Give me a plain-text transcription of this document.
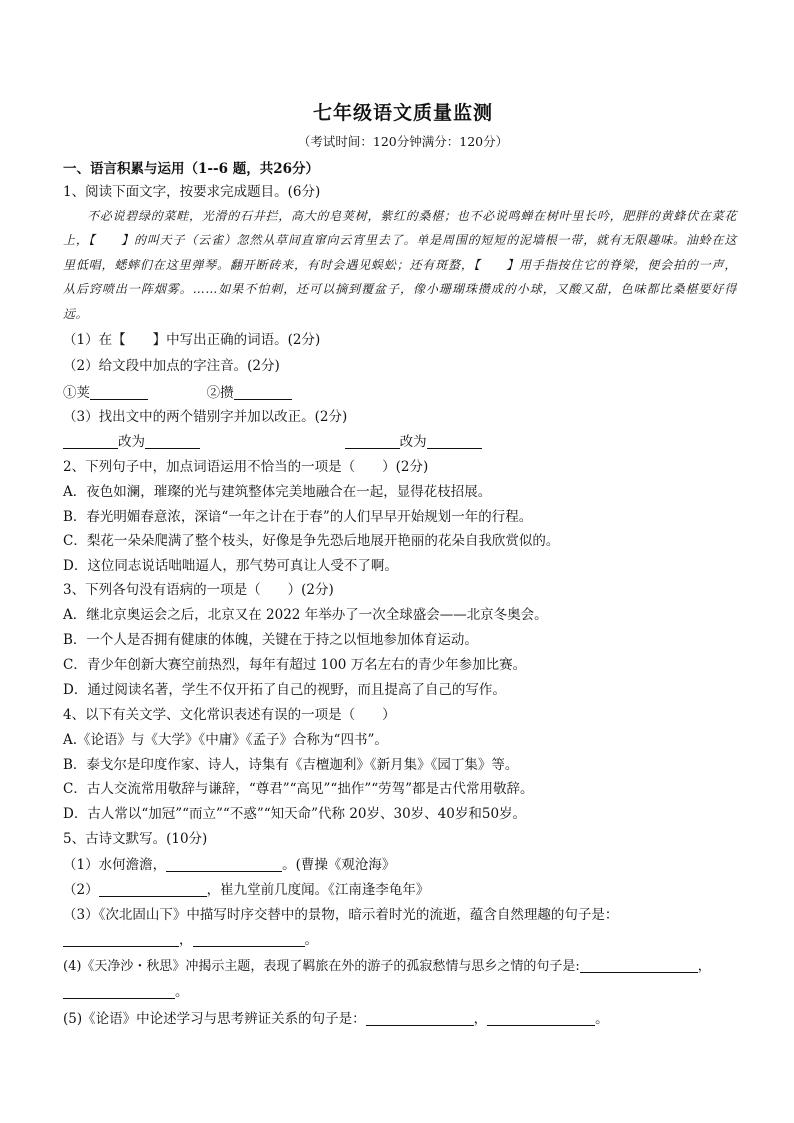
七年级语文质量监测
（考试时间：120分钟满分：120分）
一、语言积累与运用（1--6 题，共26分）
1、阅读下面文字，按要求完成题目。(6分)
不必说碧绿的菜畦，光滑的石井拦，高大的皂荚树，紫红的桑椹；也不必说鸣蝉在树叶里长吟，肥胖的黄蜂伏在菜花上，【　　】的叫天子（云雀）忽然从草间直窜向云宵里去了。单是周围的短短的泥墙根一带，就有无限趣味。油蛉在这里低唱，蟋蟀们在这里弹琴。翻开断砖来，有时会遇见蜈蚣；还有斑蝥，【　　】用手指按住它的脊梁，便会拍的一声，从后窍喷出一阵烟雾。……如果不怕刺，还可以摘到覆盆子，像小珊瑚珠攒成的小球，又酸又甜，色味都比桑椹要好得远。
（1）在【　　】中写出正确的词语。(2分)
（2）给文段中加点的字注音。(2分)
①荚	②攒
（3）找出文中的两个错别字并加以改正。(2分)
改为	改为
2、下列句子中，加点词语运用不恰当的一项是（　　）(2分)
A．夜色如澜，璀璨的光与建筑整体完美地融合在一起，显得花枝招展。
B．春光明媚春意浓，深谙“一年之计在于春”的人们早早开始规划一年的行程。
C．梨花一朵朵爬满了整个枝头，好像是争先恐后地展开艳丽的花朵自我欣赏似的。
D．这位同志说话咄咄逼人，那气势可真让人受不了啊。
3、下列各句没有语病的一项是（　　）(2分)
A．继北京奥运会之后，北京又在 2022 年举办了一次全球盛会——北京冬奥会。
B．一个人是否拥有健康的体魄，关键在于持之以恒地参加体育运动。
C．青少年创新大赛空前热烈，每年有超过 100 万名左右的青少年参加比赛。
D．通过阅读名著，学生不仅开拓了自己的视野，而且提高了自己的写作。
4、以下有关文学、文化常识表述有误的一项是（　　）
A.《论语》与《大学》《中庸》《孟子》合称为“四书”。
B．泰戈尔是印度作家、诗人，诗集有《吉檀迦利》《新月集》《园丁集》等。
C．古人交流常用敬辞与谦辞，“尊君”“高见”“拙作”“劳驾”都是古代常用敬辞。
D．古人常以“加冠”“而立”“不惑”“知天命”代称 20岁、30岁、40岁和50岁。
5、古诗文默写。(10分)
（1）水何澹澹，	。(曹操《观沧海》
（2）	，崔九堂前几度闻。《江南逢李龟年》
（3）《次北固山下》中描写时序交替中的景物，暗示着时光的流逝，蕴含自然理趣的句子是：
，	。
(4)《天净沙・秋思》冲揭示主题，表现了羁旅在外的游子的孤寂愁情与思乡之情的句子是:	，
。
(5)《论语》中论述学习与思考辨证关系的句子是：	，	。
